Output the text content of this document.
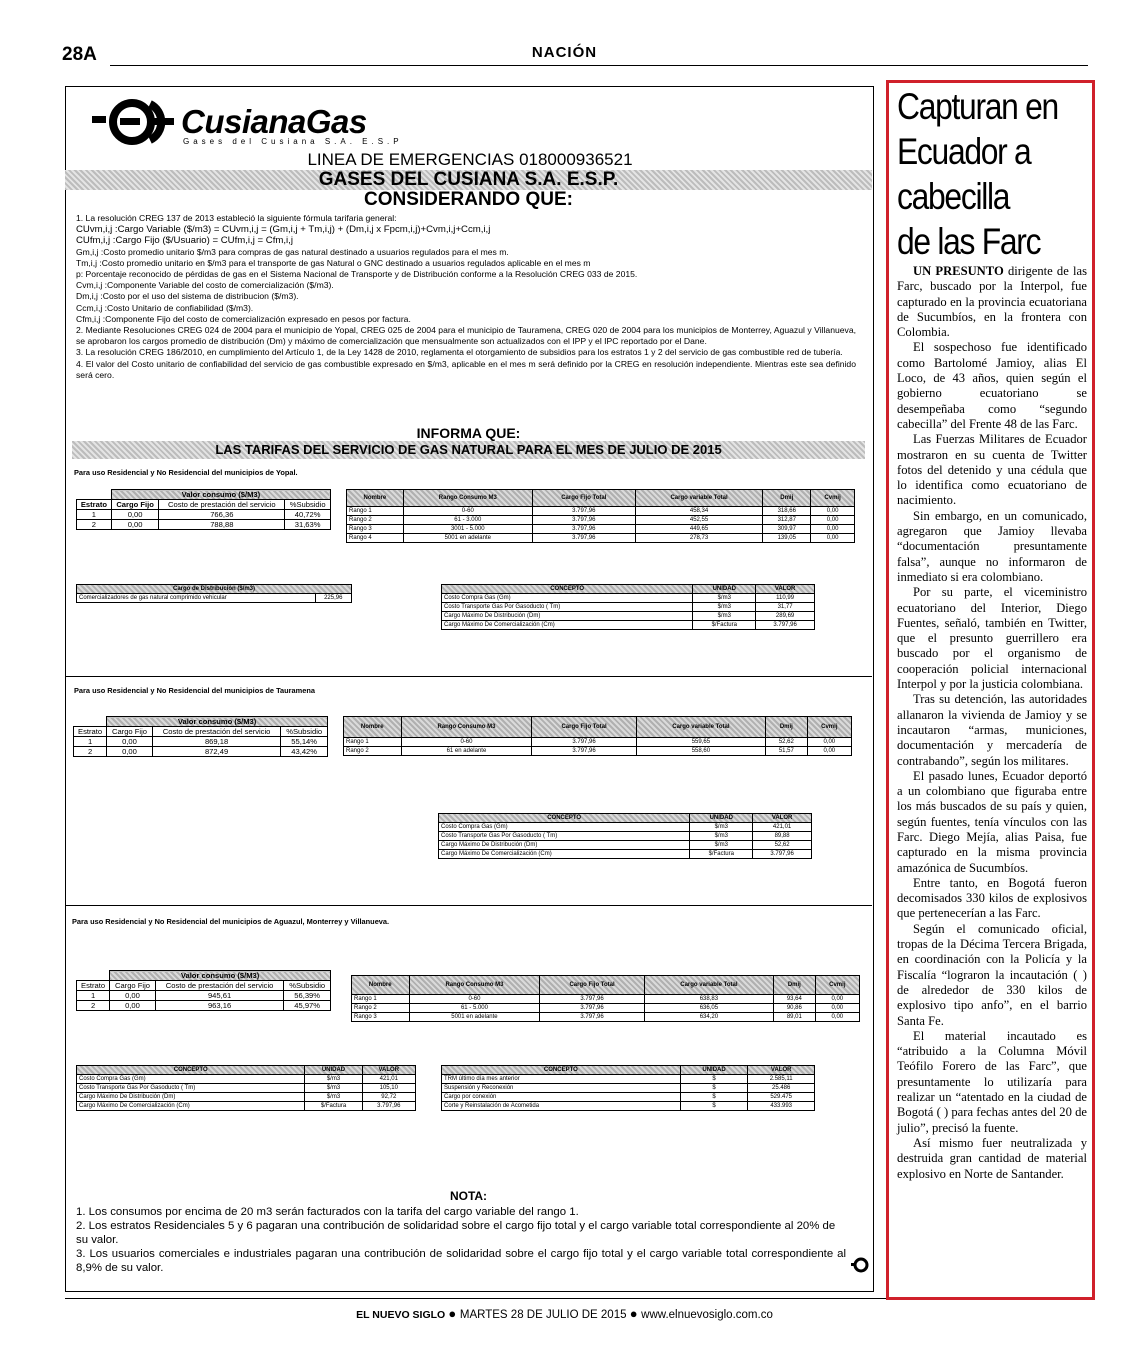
28A	NACIÓN
CusianaGas
Gases del Cusiana S.A. E.S.P
LINEA DE EMERGENCIAS 018000936521
GASES DEL CUSIANA S.A. E.S.P.
CONSIDERANDO QUE:

1. La resolución CREG 137 de 2013 estableció la siguiente fórmula tarifaria general:

CUvm,i,j :Cargo Variable ($/m3) = CUvm,i,j = (Gm,i,j + Tm,i,j) + (Dm,i,j x Fpcm,i,j)+Cvm,i,j+Ccm,i,j

CUfm,i,j :Cargo Fijo ($/Usuario) = CUfm,i,j = Cfm,i,j

Gm,i,j :Costo promedio unitario $/m3 para compras de gas natural destinado a usuarios regulados para el mes m.

Tm,i,j :Costo promedio unitario en $/m3 para el transporte de gas Natural o GNC destinado a usuarios regulados aplicable en el mes m

p: Porcentaje reconocido de pérdidas de gas en el Sistema Nacional de Transporte y de Distribución conforme a la Resolución CREG 033 de 2015.

Cvm,i,j :Componente Variable del costo de comercialización ($/m3).

Dm,i,j :Costo por el uso del sistema de distribucion ($/m3).

Ccm,i,j :Costo Unitario de confiabilidad ($/m3).

Cfm,i,j :Componente Fijo del costo de comercialización expresado en pesos por factura.

2. Mediante Resoluciones CREG 024 de 2004 para el municipio de Yopal, CREG 025 de 2004 para el municipio de Tauramena, CREG 020 de 2004 para los municipios de Monterrey, Aguazul y Villanueva, se aprobaron los cargos promedio de distribución (Dm) y máximo de comercialización que mensualmente son actualizados con el IPP y el IPC reportado por el Dane.

3. La resolución CREG 186/2010, en cumplimiento del Artículo 1, de la Ley 1428 de 2010, reglamenta el otorgamiento de subsidios para los estratos 1 y 2 del servicio de gas combustible red de tubería.

4. El valor del Costo unitario de confiabilidad del servicio de gas combustible expresado en $/m3, aplicable en el mes m será definido por la CREG en resolución independiente. Mientras este sea definido será cero.

INFORMA QUE:
LAS TARIFAS DEL SERVICIO DE GAS NATURAL PARA EL MES DE JULIO DE 2015
Para uso Residencial y No Residencial del municipios de Yopal.
	Valor consumo ($/M3)		
Estrato	Cargo Fijo	Costo de prestación del servicio	%Subsidio
1	0,00	766,36	40,72%
2	0,00	788,88	31,63%
Nombre	Rango Consumo M3	Cargo Fijo Total	Cargo variable Total	Dmij	Cvmij
Rango 1	0-60	3.797,96	458,34	318,66	0,00
Rango 2	61 - 3.000	3.797,96	452,55	312,87	0,00
Rango 3	3001 - 5.000	3.797,96	449,65	309,97	0,00
Rango 4	5001 en adelante	3.797,96	278,73	139,05	0,00
Cargo de Distribución ($/m3)
Comercializadores de gas natural comprimido vehicular	225,96
CONCEPTO	UNIDAD	VALOR
Costo Compra Gas (Gm)	$/m3	110,99
Costo Transporte Gas Por Gasoducto ( Tm)	$/m3	31,77
Cargo Máximo De Distribución (Dm)	$/m3	289,69
Cargo Máximo De Comercialización (Cm)	$/Factura	3.797,96
Para uso Residencial y No Residencial del municipios de Tauramena
	Valor consumo ($/M3)		
Estrato	Cargo Fijo	Costo de prestación del servicio	%Subsidio
1	0,00	869,18	55,14%
2	0,00	872,49	43,42%
Nombre	Rango Consumo M3	Cargo Fijo Total	Cargo variable Total	Dmij	Cvmij
Rango 1	0-60	3.797,96	559,65	52,62	0,00
Rango 2	61 en adelante	3.797,96	558,60	51,57	0,00
CONCEPTO	UNIDAD	VALOR
Costo Compra Gas (Gm)	$/m3	421,01
Costo Transporte Gas Por Gasoducto ( Tm)	$/m3	89,88
Cargo Máximo De Distribución (Dm)	$/m3	52,62
Cargo Máximo De Comercialización (Cm)	$/Factura	3.797,96
Para uso Residencial y No Residencial del municipios de Aguazul, Monterrey y Villanueva.
	Valor consumo ($/M3)		
Estrato	Cargo Fijo	Costo de prestación del servicio	%Subsidio
1	0,00	945,61	56,39%
2	0,00	963,16	45,97%
Nombre	Rango Consumo M3	Cargo Fijo Total	Cargo variable Total	Dmij	Cvmij
Rango 1	0-60	3.797,96	638,83	93,64	0,00
Rango 2	61 - 5.000	3.797,96	636,05	90,86	0,00
Rango 3	5001 en adelante	3.797,96	634,20	89,01	0,00
CONCEPTO	UNIDAD	VALOR
Costo Compra Gas (Gm)	$/m3	421,01
Costo Transporte Gas Por Gasoducto ( Tm)	$/m3	105,10
Cargo Máximo De Distribución (Dm)	$/m3	92,72
Cargo Máximo De Comercialización (Cm)	$/Factura	3.797,96
CONCEPTO	UNIDAD	VALOR
TRM último día mes anterior	$	2.585,11
Suspensión y Reconexión	$	25.486
Cargo por conexión	$	529.475
Corte y Reinstalación de Acometida	$	433.993
NOTA:

1. Los consumos por encima de 20 m3 serán facturados con la tarifa del cargo variable del rango 1.

2. Los estratos Residenciales 5 y 6 pagaran una contribución de solidaridad sobre el cargo fijo total y el cargo variable total correspondiente al 20% de su valor.

3. Los usuarios comerciales e industriales pagaran una contribución de solidaridad sobre el cargo fijo total y el cargo variable total correspondiente al 8,9% de su valor.

EL NUEVO SIGLO ● MARTES 28 DE JULIO DE 2015 ● www.elnuevosiglo.com.co
Capturan en
Ecuador a
cabecilla
de las Farc

UN PRESUNTO dirigente de las Farc, buscado por la Interpol, fue capturado en la provincia ecuatoriana de Sucumbíos, en la frontera con Colombia.

El sospechoso fue identificado como Bartolomé Jamioy, alias El Loco, de 43 años, quien según el gobierno ecuatoriano se desempeñaba como “segundo cabecilla” del Frente 48 de las Farc.

Las Fuerzas Militares de Ecuador mostraron en su cuenta de Twitter fotos del detenido y una cédula que lo identifica como ecuatoriano de nacimiento.

Sin embargo, en un comunicado, agregaron que Jamioy llevaba “documentación presuntamente falsa”, aunque no informaron de inmediato si era colombiano.

Por su parte, el viceministro ecuatoriano del Interior, Diego Fuentes, señaló, también en Twitter, que el presunto guerrillero era buscado por el organismo de cooperación policial internacional Interpol y por la justicia colombiana.

Tras su detención, las autoridades allanaron la vivienda de Jamioy y se incautaron “armas, municiones, documentación y mercadería de contrabando”, según los militares.

El pasado lunes, Ecuador deportó a un colombiano que figuraba entre los más buscados de su país y quien, según fuentes, tenía vínculos con las Farc. Diego Mejía, alias Paisa, fue capturado en la misma provincia amazónica de Sucumbíos.

Entre tanto, en Bogotá fueron decomisados 330 kilos de explosivos que pertenecerían a las Farc.

Según el comunicado oficial, tropas de la Décima Tercera Brigada, en coordinación con la Policía y la Fiscalía “lograron la incautación ( ) de alrededor de 330 kilos de explosivo tipo anfo”, en el barrio Santa Fe.

El material incautado es “atribuido a la Columna Móvil Teófilo Forero de las Farc”, que presuntamente lo utilizaría para realizar un “atentado en la ciudad de Bogotá ( ) para fechas antes del 20 de julio”, precisó la fuente.

Así mismo fuer neutralizada y destruida gran cantidad de material explosivo en Norte de Santander.
